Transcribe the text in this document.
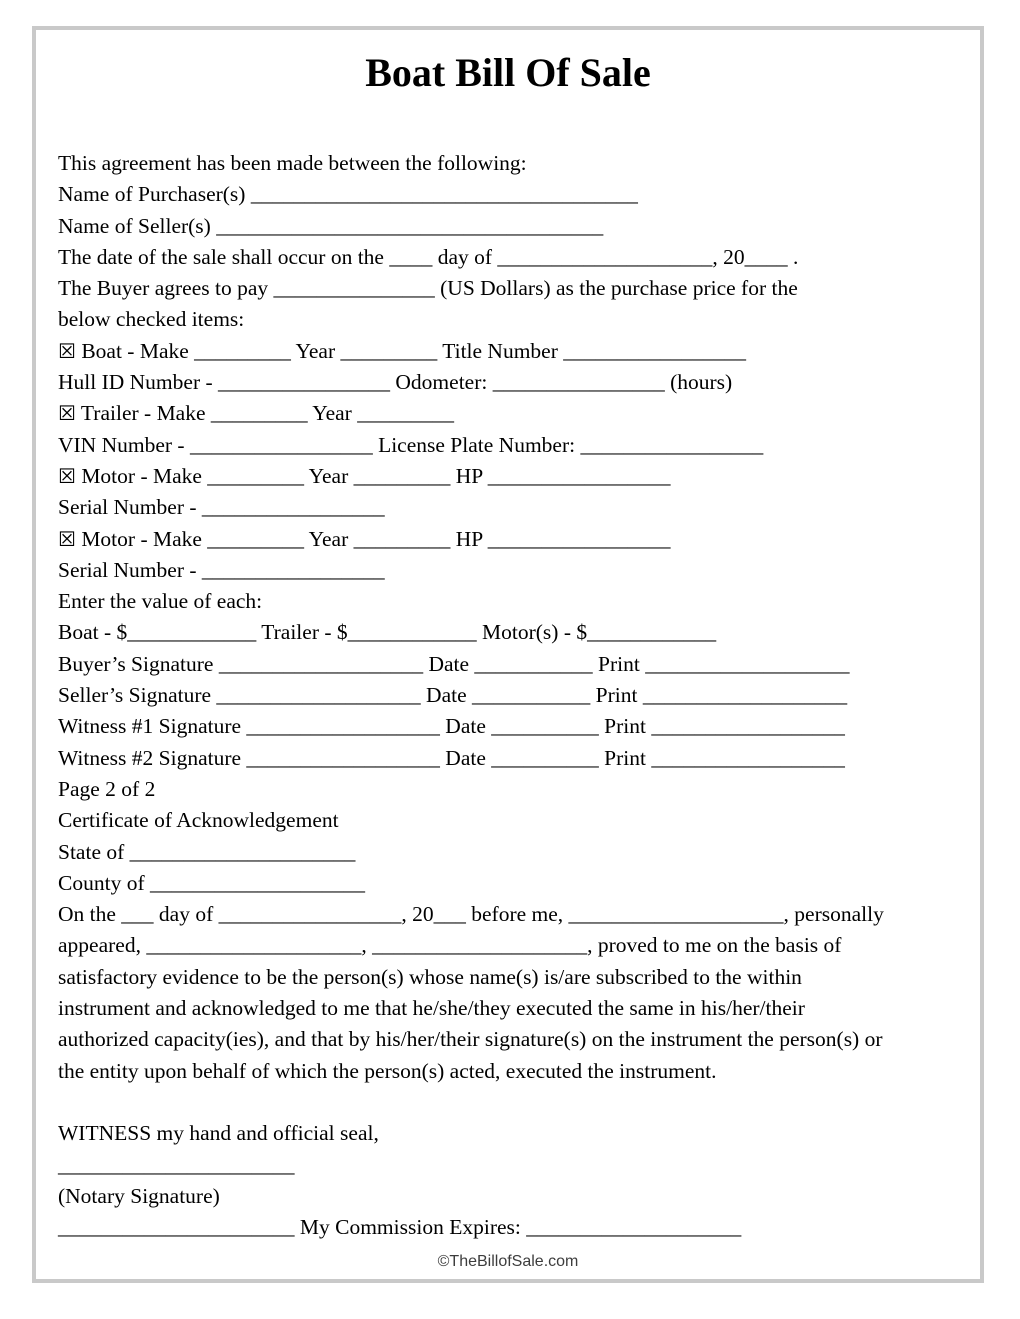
Boat Bill Of Sale

This agreement has been made between the following:

Name of Purchaser(s) ____________________________________

Name of Seller(s) ____________________________________

The date of the sale shall occur on the ____ day of ____________________, 20____ .

The Buyer agrees to pay _______________ (US Dollars) as the purchase price for the

below checked items:

☒ Boat - Make _________ Year _________ Title Number _________________

Hull ID Number - ________________ Odometer: ________________ (hours)

☒ Trailer - Make _________ Year _________

VIN Number - _________________ License Plate Number: _________________

☒ Motor - Make _________ Year _________ HP _________________

Serial Number - _________________

☒ Motor - Make _________ Year _________ HP _________________

Serial Number - _________________

Enter the value of each:

Boat - $____________ Trailer - $____________ Motor(s) - $____________

Buyer’s Signature ___________________ Date ___________ Print ___________________

Seller’s Signature ___________________ Date ___________ Print ___________________

Witness #1 Signature __________________ Date __________ Print __________________

Witness #2 Signature __________________ Date __________ Print __________________

Page 2 of 2

Certificate of Acknowledgement

State of _____________________

County of ____________________

On the ___ day of _________________, 20___ before me, ____________________, personally

appeared, ____________________, ____________________, proved to me on the basis of

satisfactory evidence to be the person(s) whose name(s) is/are subscribed to the within

instrument and acknowledged to me that he/she/they executed the same in his/her/their

authorized capacity(ies), and that by his/her/their signature(s) on the instrument the person(s) or

the entity upon behalf of which the person(s) acted, executed the instrument.

WITNESS my hand and official seal,

______________________

(Notary Signature)

______________________ My Commission Expires: ____________________

©TheBillofSale.com
